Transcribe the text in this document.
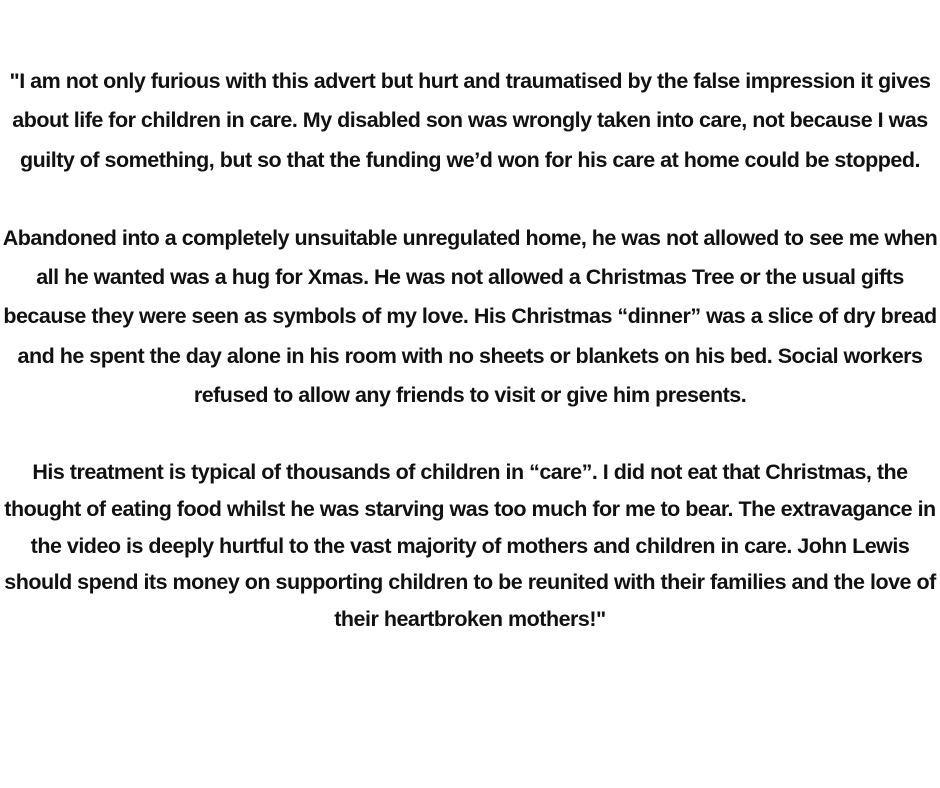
"I am not only furious with this advert but hurt and traumatised by the false impression it gives about life for children in care. My disabled son was wrongly taken into care, not because I was guilty of something, but so that the funding we’d won for his care at home could be stopped.

Abandoned into a completely unsuitable unregulated home, he was not allowed to see me when all he wanted was a hug for Xmas. He was not allowed a Christmas Tree or the usual gifts because they were seen as symbols of my love. His Christmas “dinner” was a slice of dry bread and he spent the day alone in his room with no sheets or blankets on his bed. Social workers refused to allow any friends to visit or give him presents.

His treatment is typical of thousands of children in “care”. I did not eat that Christmas, the thought of eating food whilst he was starving was too much for me to bear. The extravagance in the video is deeply hurtful to the vast majority of mothers and children in care. John Lewis should spend its money on supporting children to be reunited with their families and the love of their heartbroken mothers!"
